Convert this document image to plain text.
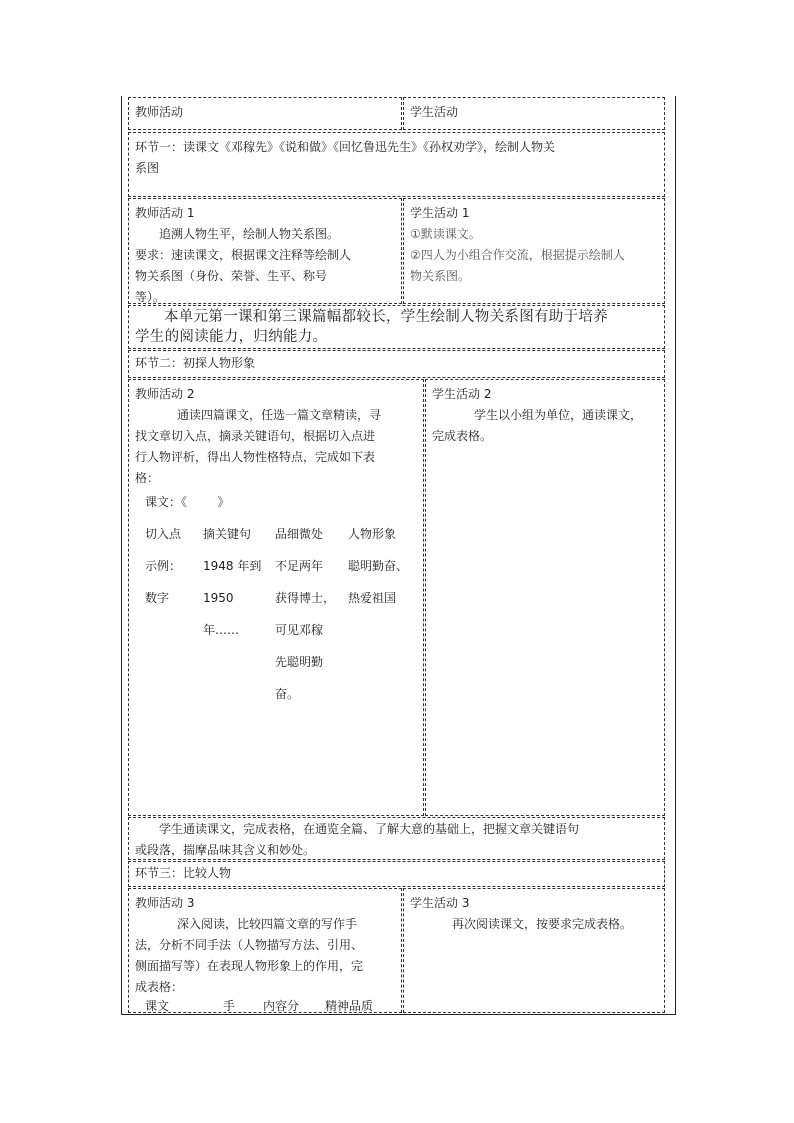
教师活动	学生活动
环节一：读课文《邓稼先》《说和做》《回忆鲁迅先生》《孙权劝学》，绘制人物关
系图
教师活动 1
追溯人物生平，绘制人物关系图。
要求：速读课文，根据课文注释等绘制人
物关系图（身份、荣誉、生平、称号
等）。
学生活动 1
①默读课文。
②四人为小组合作交流，根据提示绘制人
物关系图。
本单元第一课和第三课篇幅都较长，学生绘制人物关系图有助于培养
学生的阅读能力，归纳能力。
环节二：初探人物形象
教师活动 2
通读四篇课文，任选一篇文章精读，寻
找文章切入点，摘录关键语句，根据切入点进
行人物评析，得出人物性格特点，完成如下表
格：
课文：《        》
切入点 摘关键句 品细微处 人物形象
示例：
数字
1948 年到
1950
年……
不足两年
获得博士，
可见邓稼
先聪明勤
奋。
聪明勤奋、
热爱祖国
学生活动 2
学生以小组为单位，通读课文，
完成表格。
学生通读课文，完成表格，在通览全篇、了解大意的基础上，把握文章关键语句
或段落，揣摩品味其含义和妙处。
环节三：比较人物
教师活动 3
深入阅读，比较四篇文章的写作手
法，分析不同手法（人物描写方法、引用、
侧面描写等）在表现人物形象上的作用，完
成表格：
课文	手 内容分 精神品质
学生活动 3
再次阅读课文，按要求完成表格。
